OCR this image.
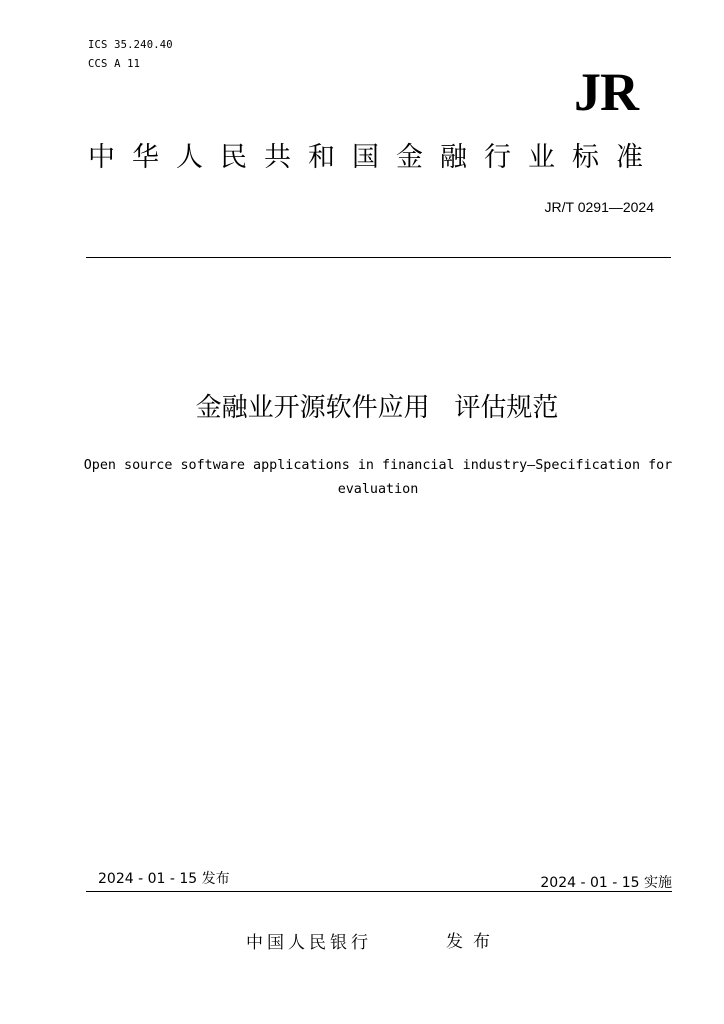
ICS 35.240.40
CCS A 11	JR
中华人民共和国金融行业标准
JR/T 0291—2024
金融业开源软件应用   评估规范
Open source software applications in financial industry—Specification for evaluation
2024 - 01 - 15 发布	2024 - 01 - 15 实施
中国人民银行	发布
